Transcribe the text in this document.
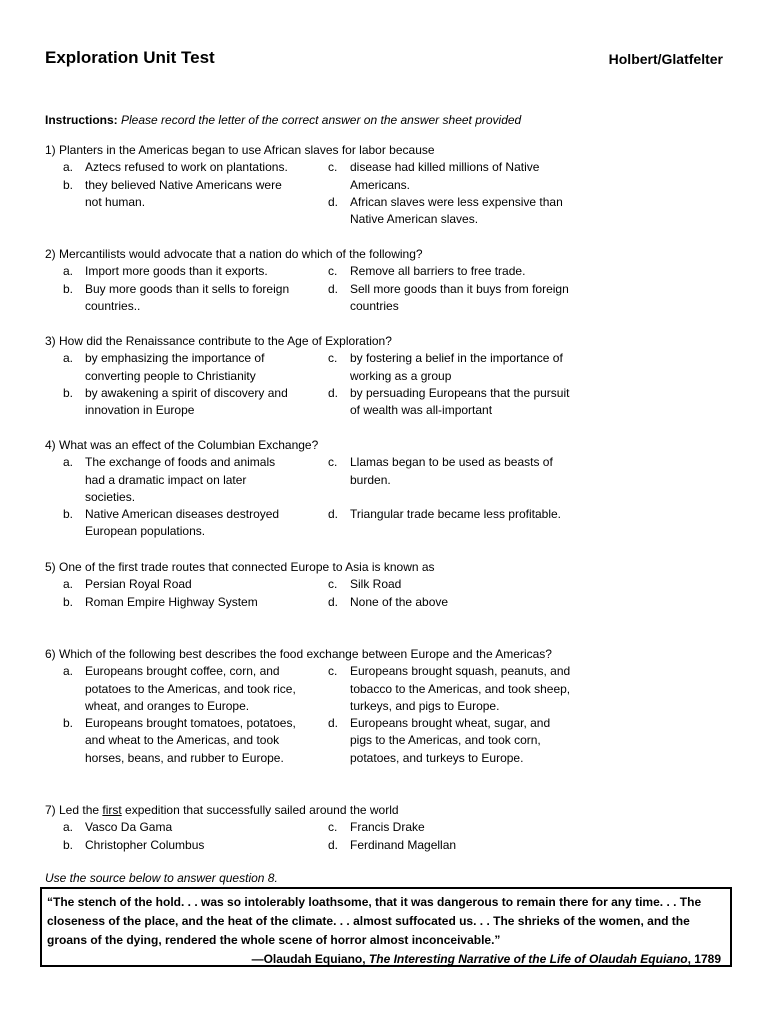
Exploration Unit Test	Holbert/Glatfelter
Instructions: Please record the letter of the correct answer on the answer sheet provided
1) Planters in the Americas began to use African slaves for labor because
a. Aztecs refused to work on plantations.
b. they believed Native Americans were not human.
c.	disease had killed millions of Native Americans.
d. African slaves were less expensive than Native American slaves.
2) Mercantilists would advocate that a nation do which of the following?
a. Import more goods than it exports.
b. Buy more goods than it sells to foreign countries..
c.	Remove all barriers to free trade.
d. Sell more goods than it buys from foreign countries
3) How did the Renaissance contribute to the Age of Exploration?
a. by emphasizing the importance of converting people to Christianity
b. by awakening a spirit of discovery and innovation in Europe
c.	by fostering a belief in the importance of working as a group
d. by persuading Europeans that the pursuit of wealth was all-important
4) What was an effect of the Columbian Exchange?
a. The exchange of foods and animals had a dramatic impact on later societies.
b. Native American diseases destroyed European populations.
c.	Llamas began to be used as beasts of burden.
d. Triangular trade became less profitable.
5) One of the first trade routes that connected Europe to Asia is known as
a. Persian Royal Road
b. Roman Empire Highway System
c.	Silk Road
d. None of the above
6) Which of the following best describes the food exchange between Europe and the Americas?
a. Europeans brought coffee, corn, and potatoes to the Americas, and took rice, wheat, and oranges to Europe.
b. Europeans brought tomatoes, potatoes, and wheat to the Americas, and took horses, beans, and rubber to Europe.
c.	Europeans brought squash, peanuts, and tobacco to the Americas, and took sheep, turkeys, and pigs to Europe.
d. Europeans brought wheat, sugar, and pigs to the Americas, and took corn, potatoes, and turkeys to Europe.
7) Led the first expedition that successfully sailed around the world
a. Vasco Da Gama
b. Christopher Columbus
c.	Francis Drake
d. Ferdinand Magellan
Use the source below to answer question 8.
“The stench of the hold. . . was so intolerably loathsome, that it was dangerous to remain there for any time. . . The closeness of the place, and the heat of the climate. . . almost suffocated us. . . The shrieks of the women, and the groans of the dying, rendered the whole scene of horror almost inconceivable.”
—Olaudah Equiano, The Interesting Narrative of the Life of Olaudah Equiano, 1789
